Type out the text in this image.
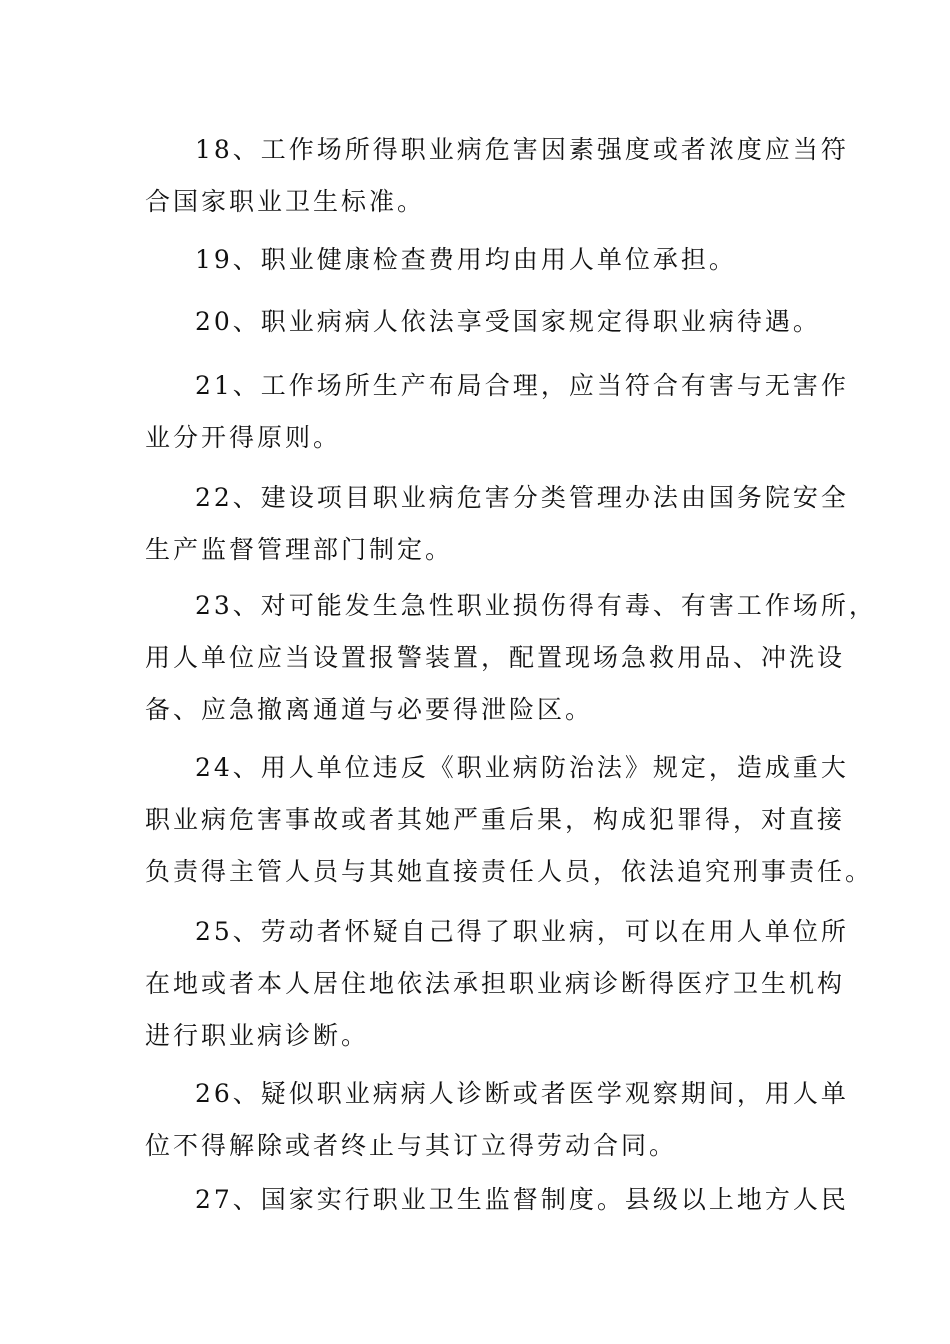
18、工作场所得职业病危害因素强度或者浓度应当符
合国家职业卫生标准。
19、职业健康检查费用均由用人单位承担。
20、职业病病人依法享受国家规定得职业病待遇。
21、工作场所生产布局合理，应当符合有害与无害作
业分开得原则。
22、建设项目职业病危害分类管理办法由国务院安全
生产监督管理部门制定。
23、对可能发生急性职业损伤得有毒、有害工作场所，
用人单位应当设置报警装置，配置现场急救用品、冲洗设
备、应急撤离通道与必要得泄险区。
24、用人单位违反《职业病防治法》规定，造成重大
职业病危害事故或者其她严重后果，构成犯罪得，对直接
负责得主管人员与其她直接责任人员，依法追究刑事责任。
25、劳动者怀疑自己得了职业病，可以在用人单位所
在地或者本人居住地依法承担职业病诊断得医疗卫生机构
进行职业病诊断。
26、疑似职业病病人诊断或者医学观察期间，用人单
位不得解除或者终止与其订立得劳动合同。
27、国家实行职业卫生监督制度。县级以上地方人民
